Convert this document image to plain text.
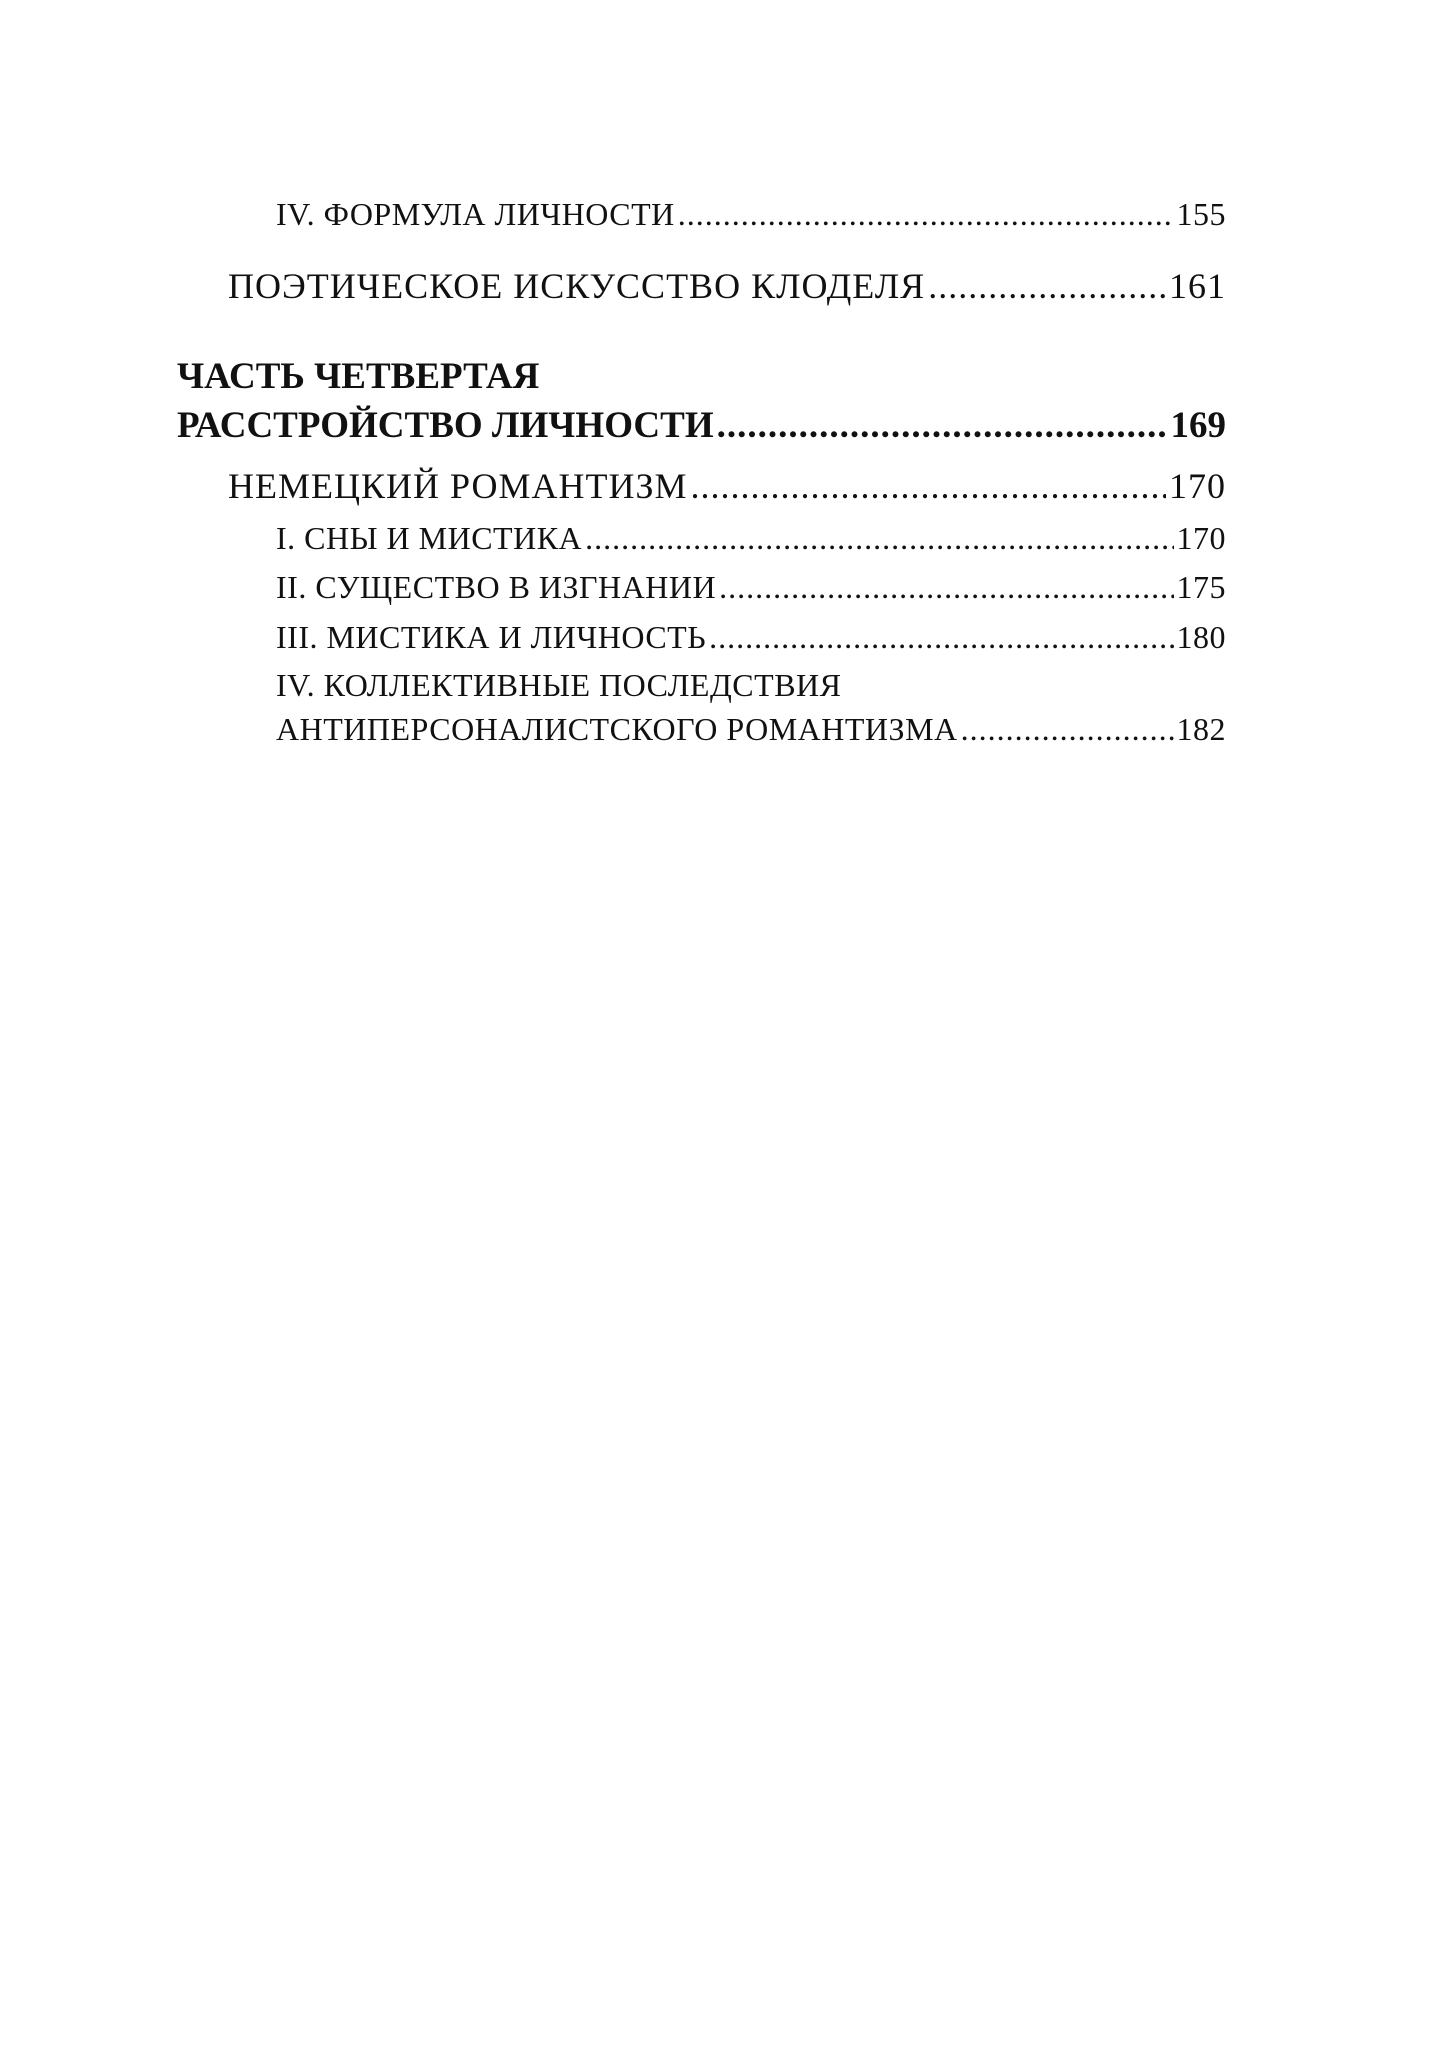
IV. ФОРМУЛА ЛИЧНОСТИ .....	155
ПОЭТИЧЕСКОЕ ИСКУССТВО КЛОДЕЛЯ .....	161
ЧАСТЬ ЧЕТВЕРТАЯ
РАССТРОЙСТВО ЛИЧНОСТИ .....	169
НЕМЕЦКИЙ РОМАНТИЗМ .....	170
I. СНЫ И МИСТИКА .....	170
II. СУЩЕСТВО В ИЗГНАНИИ .....	175
III. МИСТИКА И ЛИЧНОСТЬ .....	180
IV. КОЛЛЕКТИВНЫЕ ПОСЛЕДСТВИЯ
АНТИПЕРСОНАЛИСТСКОГО РОМАНТИЗМА .....	182
